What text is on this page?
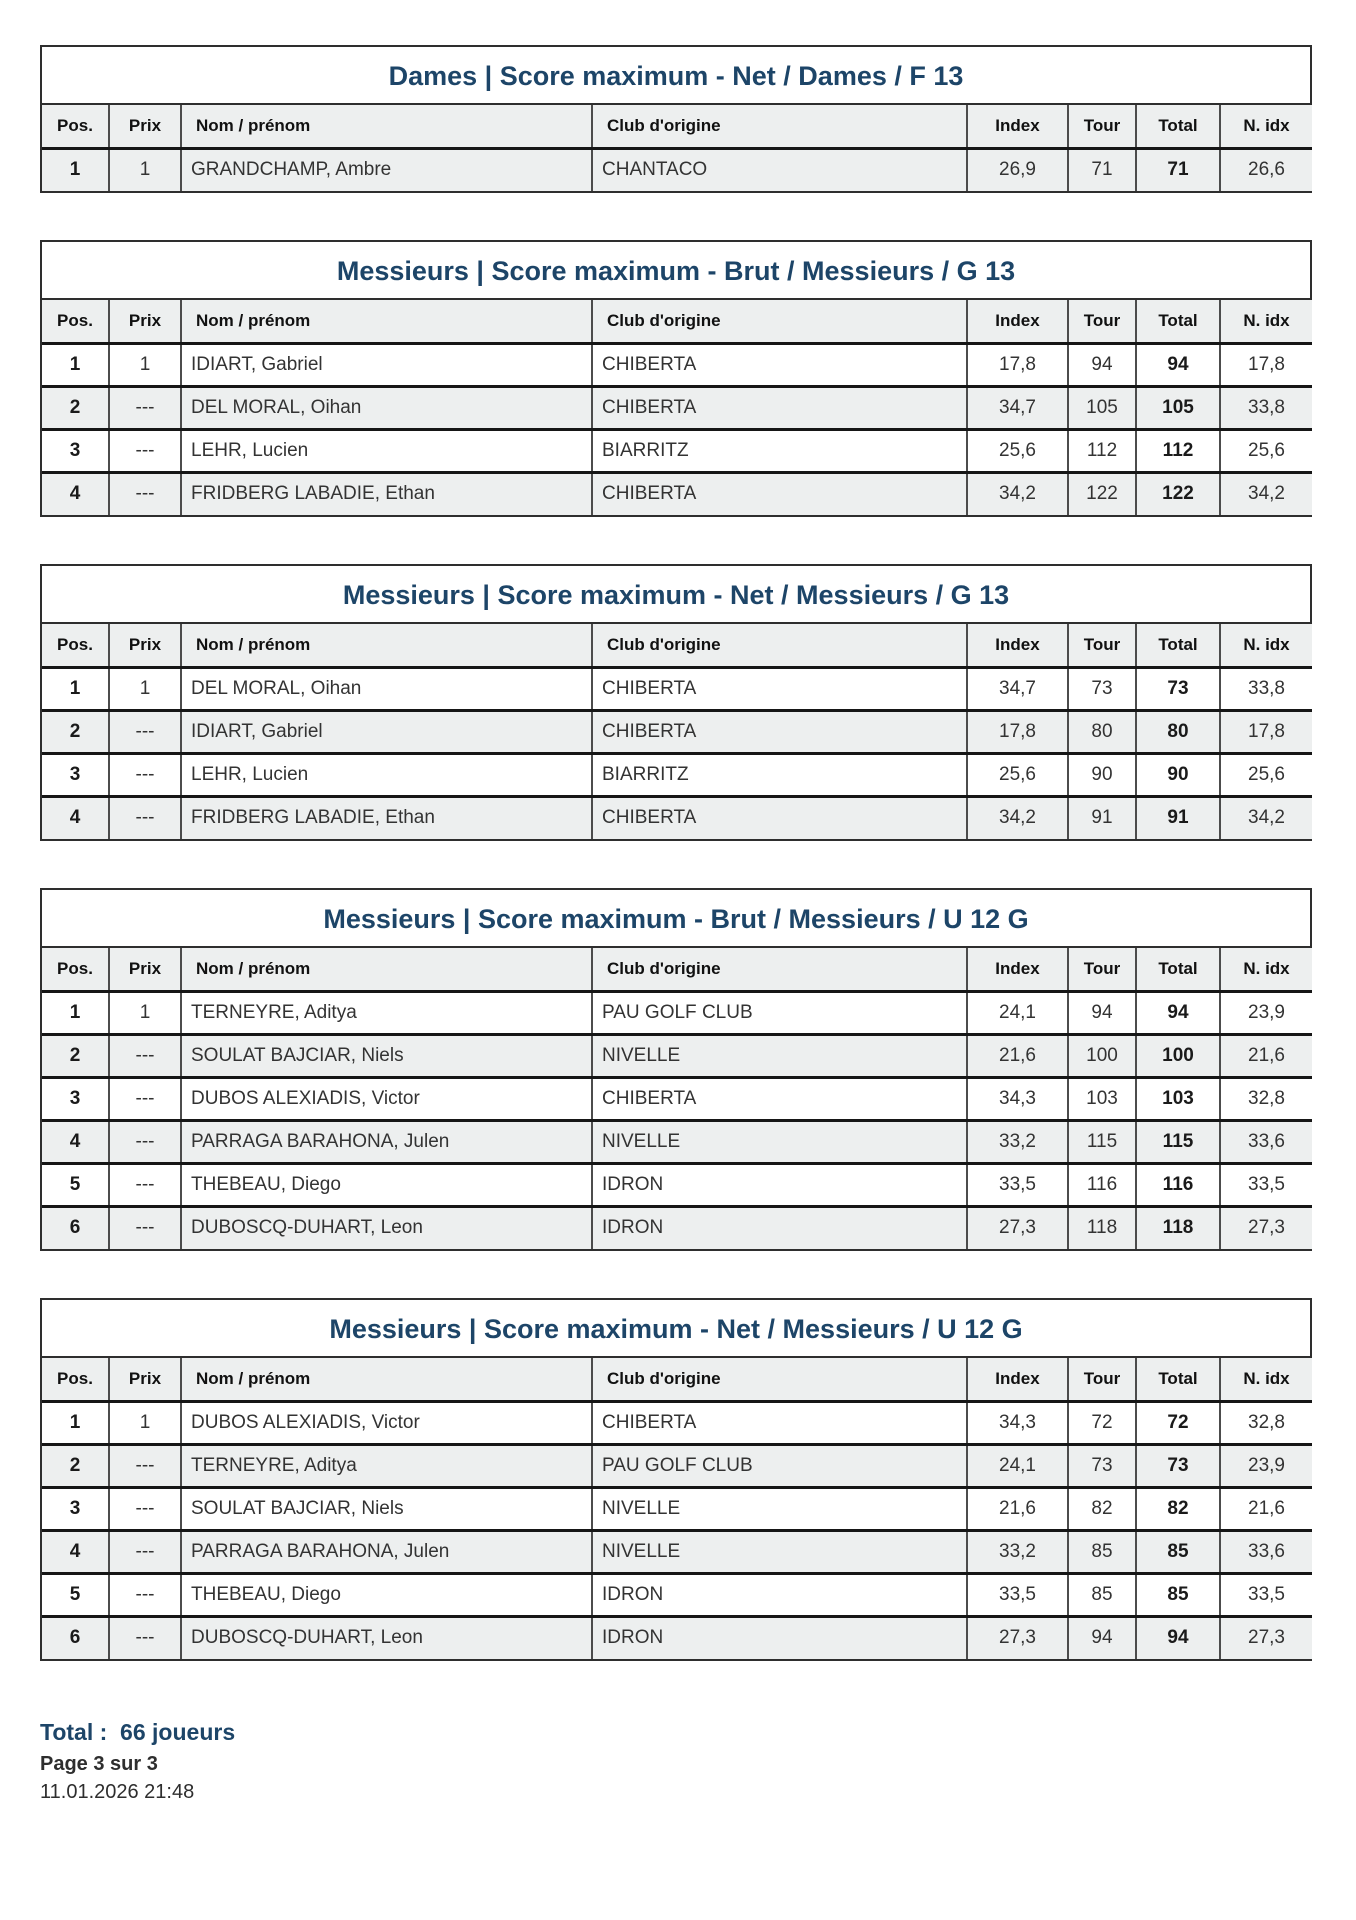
Dames | Score maximum - Net / Dames / F 13
Pos.	Prix	Nom / prénom	Club d'origine	Index	Tour	Total	N. idx
1	1	GRANDCHAMP, Ambre	CHANTACO	26,9	71	71	26,6
Messieurs | Score maximum - Brut / Messieurs / G 13
Pos.	Prix	Nom / prénom	Club d'origine	Index	Tour	Total	N. idx
1	1	IDIART, Gabriel	CHIBERTA	17,8	94	94	17,8
2	---	DEL MORAL, Oihan	CHIBERTA	34,7	105	105	33,8
3	---	LEHR, Lucien	BIARRITZ	25,6	112	112	25,6
4	---	FRIDBERG LABADIE, Ethan	CHIBERTA	34,2	122	122	34,2
Messieurs | Score maximum - Net / Messieurs / G 13
Pos.	Prix	Nom / prénom	Club d'origine	Index	Tour	Total	N. idx
1	1	DEL MORAL, Oihan	CHIBERTA	34,7	73	73	33,8
2	---	IDIART, Gabriel	CHIBERTA	17,8	80	80	17,8
3	---	LEHR, Lucien	BIARRITZ	25,6	90	90	25,6
4	---	FRIDBERG LABADIE, Ethan	CHIBERTA	34,2	91	91	34,2
Messieurs | Score maximum - Brut / Messieurs / U 12 G
Pos.	Prix	Nom / prénom	Club d'origine	Index	Tour	Total	N. idx
1	1	TERNEYRE, Aditya	PAU GOLF CLUB	24,1	94	94	23,9
2	---	SOULAT BAJCIAR, Niels	NIVELLE	21,6	100	100	21,6
3	---	DUBOS ALEXIADIS, Victor	CHIBERTA	34,3	103	103	32,8
4	---	PARRAGA BARAHONA, Julen	NIVELLE	33,2	115	115	33,6
5	---	THEBEAU, Diego	IDRON	33,5	116	116	33,5
6	---	DUBOSCQ-DUHART, Leon	IDRON	27,3	118	118	27,3
Messieurs | Score maximum - Net / Messieurs / U 12 G
Pos.	Prix	Nom / prénom	Club d'origine	Index	Tour	Total	N. idx
1	1	DUBOS ALEXIADIS, Victor	CHIBERTA	34,3	72	72	32,8
2	---	TERNEYRE, Aditya	PAU GOLF CLUB	24,1	73	73	23,9
3	---	SOULAT BAJCIAR, Niels	NIVELLE	21,6	82	82	21,6
4	---	PARRAGA BARAHONA, Julen	NIVELLE	33,2	85	85	33,6
5	---	THEBEAU, Diego	IDRON	33,5	85	85	33,5
6	---	DUBOSCQ-DUHART, Leon	IDRON	27,3	94	94	27,3
Total :  66 joueurs
Page 3 sur 3
11.01.2026 21:48
